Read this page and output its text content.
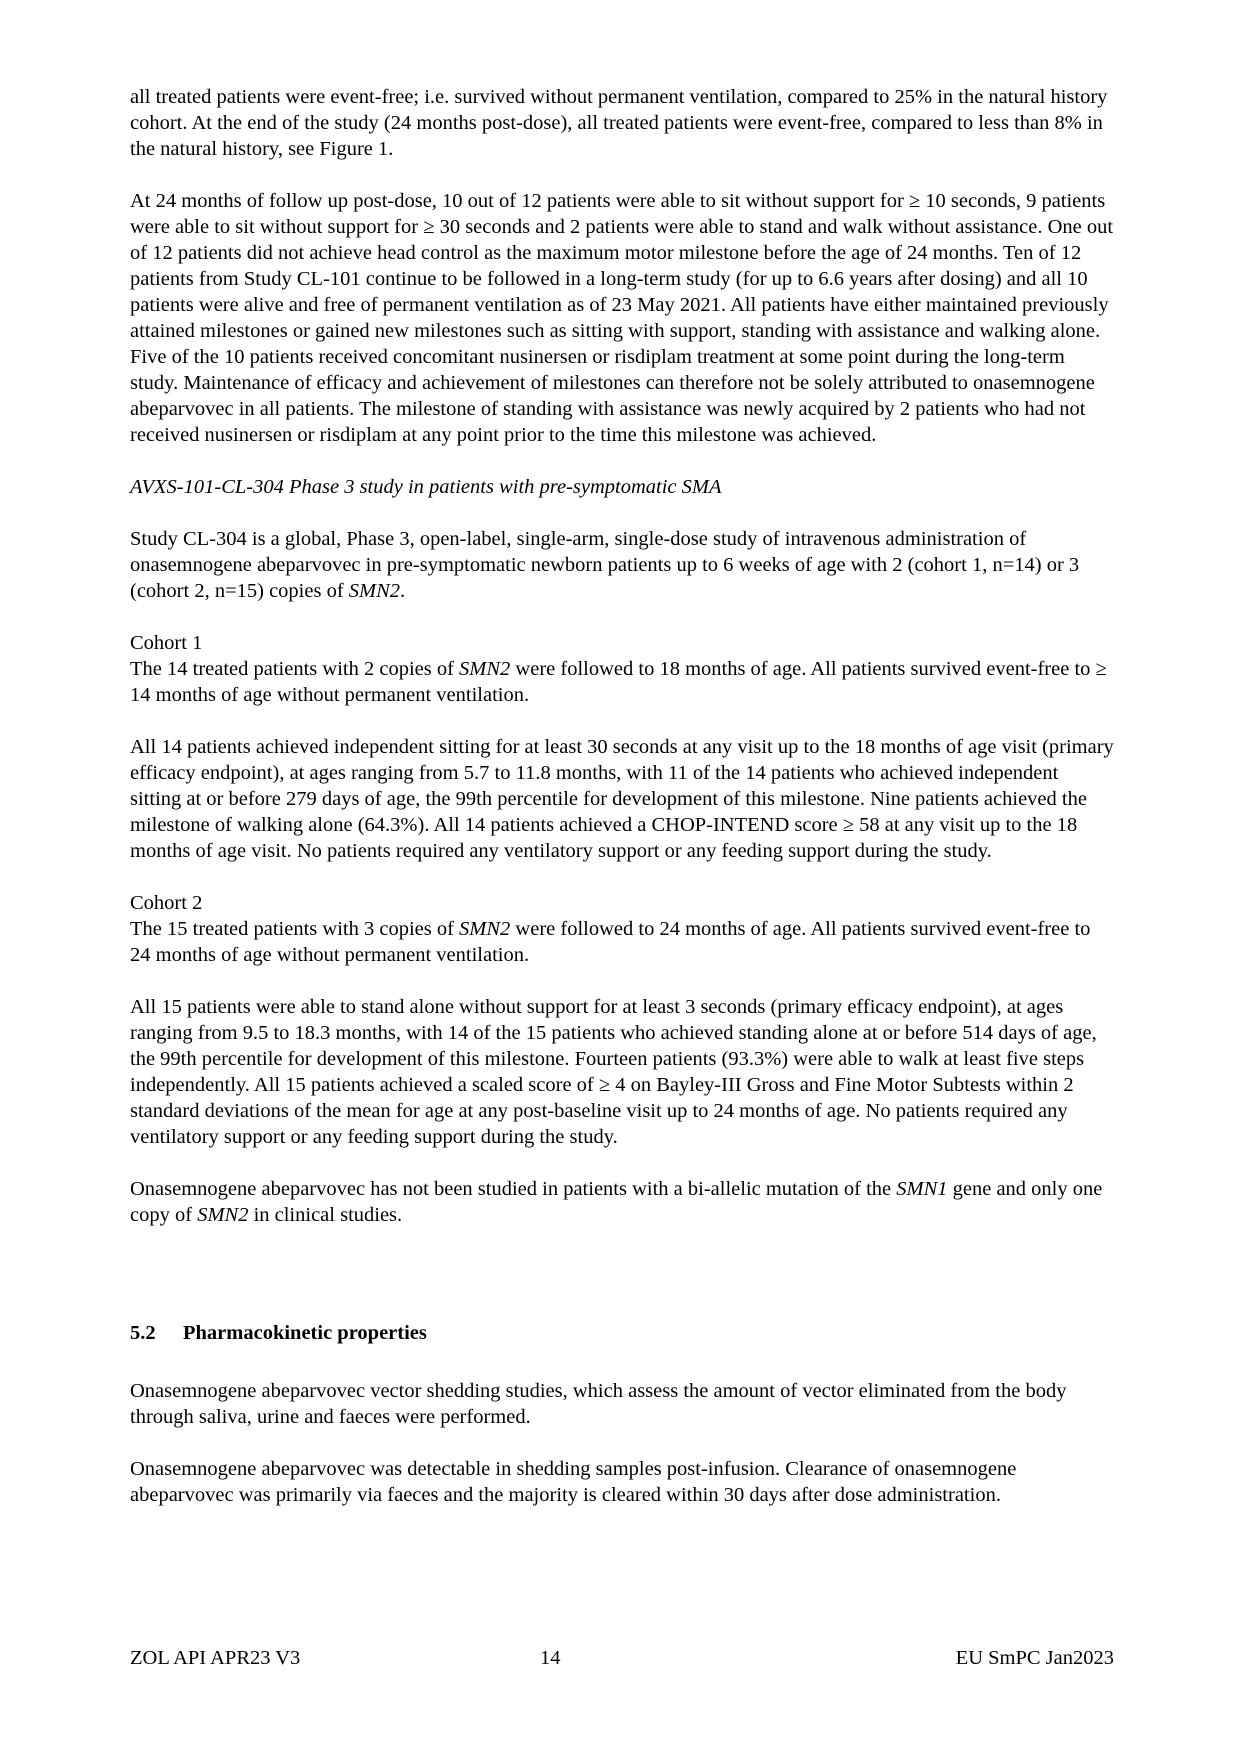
all treated patients were event-free; i.e. survived without permanent ventilation, compared to 25% in the natural history cohort. At the end of the study (24 months post-dose), all treated patients were event-free, compared to less than 8% in the natural history, see Figure 1.

At 24 months of follow up post-dose, 10 out of 12 patients were able to sit without support for ≥ 10 seconds, 9 patients were able to sit without support for ≥ 30 seconds and 2 patients were able to stand and walk without assistance. One out of 12 patients did not achieve head control as the maximum motor milestone before the age of 24 months. Ten of 12 patients from Study CL-101 continue to be followed in a long-term study (for up to 6.6 years after dosing) and all 10 patients were alive and free of permanent ventilation as of 23 May 2021. All patients have either maintained previously attained milestones or gained new milestones such as sitting with support, standing with assistance and walking alone. Five of the 10 patients received concomitant nusinersen or risdiplam treatment at some point during the long-term study. Maintenance of efficacy and achievement of milestones can therefore not be solely attributed to onasemnogene abeparvovec in all patients. The milestone of standing with assistance was newly acquired by 2 patients who had not received nusinersen or risdiplam at any point prior to the time this milestone was achieved.

AVXS-101-CL-304 Phase 3 study in patients with pre-symptomatic SMA

Study CL-304 is a global, Phase 3, open-label, single-arm, single-dose study of intravenous administration of onasemnogene abeparvovec in pre-symptomatic newborn patients up to 6 weeks of age with 2 (cohort 1, n=14) or 3 (cohort 2, n=15) copies of SMN2.

Cohort 1

The 14 treated patients with 2 copies of SMN2 were followed to 18 months of age. All patients survived event-free to ≥ 14 months of age without permanent ventilation.

All 14 patients achieved independent sitting for at least 30 seconds at any visit up to the 18 months of age visit (primary efficacy endpoint), at ages ranging from 5.7 to 11.8 months, with 11 of the 14 patients who achieved independent sitting at or before 279 days of age, the 99th percentile for development of this milestone. Nine patients achieved the milestone of walking alone (64.3%). All 14 patients achieved a CHOP-INTEND score ≥ 58 at any visit up to the 18 months of age visit. No patients required any ventilatory support or any feeding support during the study.

Cohort 2

The 15 treated patients with 3 copies of SMN2 were followed to 24 months of age. All patients survived event-free to 24 months of age without permanent ventilation.

All 15 patients were able to stand alone without support for at least 3 seconds (primary efficacy endpoint), at ages ranging from 9.5 to 18.3 months, with 14 of the 15 patients who achieved standing alone at or before 514 days of age, the 99th percentile for development of this milestone. Fourteen patients (93.3%) were able to walk at least five steps independently. All 15 patients achieved a scaled score of ≥ 4 on Bayley-III Gross and Fine Motor Subtests within 2 standard deviations of the mean for age at any post-baseline visit up to 24 months of age. No patients required any ventilatory support or any feeding support during the study.

Onasemnogene abeparvovec has not been studied in patients with a bi-allelic mutation of the SMN1 gene and only one copy of SMN2 in clinical studies.

5.2 Pharmacokinetic properties

Onasemnogene abeparvovec vector shedding studies, which assess the amount of vector eliminated from the body through saliva, urine and faeces were performed.

Onasemnogene abeparvovec was detectable in shedding samples post-infusion. Clearance of onasemnogene abeparvovec was primarily via faeces and the majority is cleared within 30 days after dose administration.

ZOL API APR23 V3	14	EU SmPC Jan2023
